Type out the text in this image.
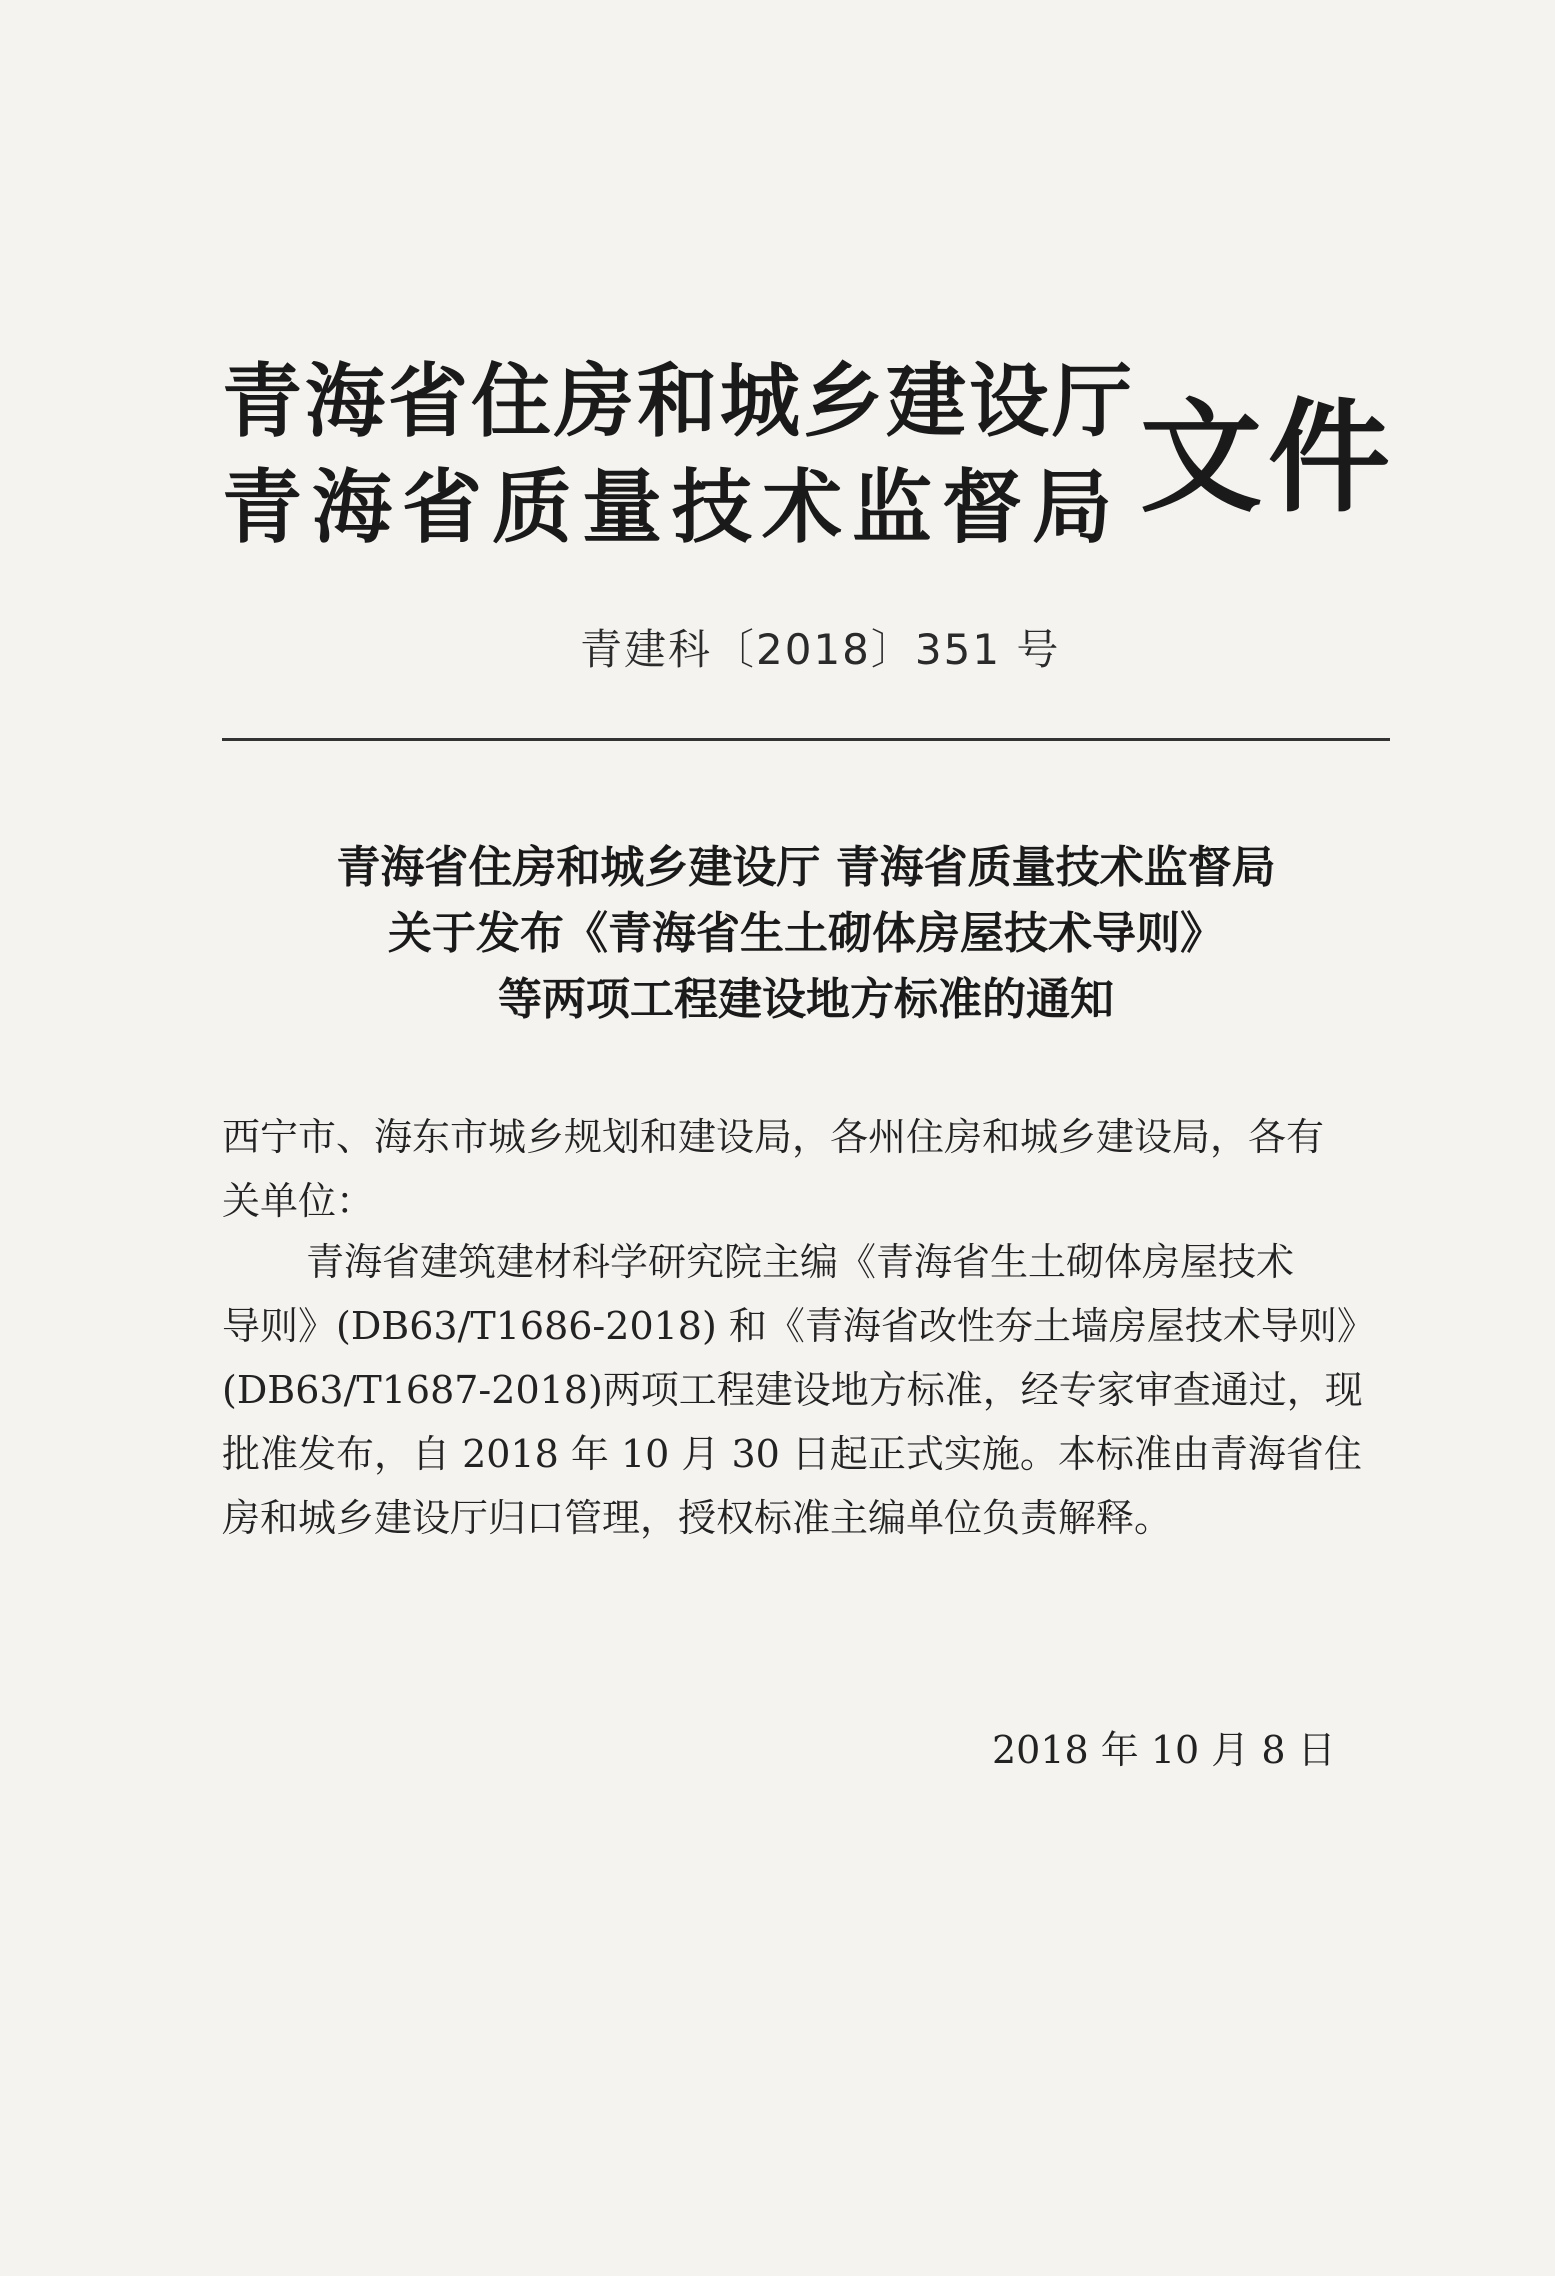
青海省住房和城乡建设厅
青海省质量技术监督局 文件
青建科〔2018〕351 号
青海省住房和城乡建设厅 青海省质量技术监督局
关于发布《青海省生土砌体房屋技术导则》
等两项工程建设地方标准的通知
西宁市、海东市城乡规划和建设局，各州住房和城乡建设局，各有
关单位：
青海省建筑建材科学研究院主编《青海省生土砌体房屋技术
导则》(DB63/T1686-2018) 和《青海省改性夯土墙房屋技术导则》
(DB63/T1687-2018)两项工程建设地方标准，经专家审查通过，现
批准发布，自 2018 年 10 月 30 日起正式实施。本标准由青海省住
房和城乡建设厅归口管理，授权标准主编单位负责解释。
2018 年 10 月 8 日
